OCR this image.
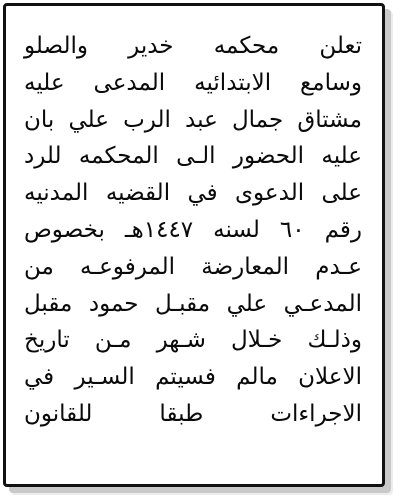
تعلن محكمه خدير والصلو
وسامع الابتدائيه المدعى عليه
مشتاق جمال عبد الرب علي بان
عليه الحضور الـى المحكمه للرد
على الدعوى في القضيه المدنيه
رقم ٦٠ لسنه ١٤٤٧هـ بخصوص
عـدم المعارضة المرفوعـه من
المدعـي علي مقبـل حمود مقبل
وذلـك خـلال شـهر مـن تاريخ
الاعلان مالم فسيتم السـير في
الاجراءات طبقا للقانون
